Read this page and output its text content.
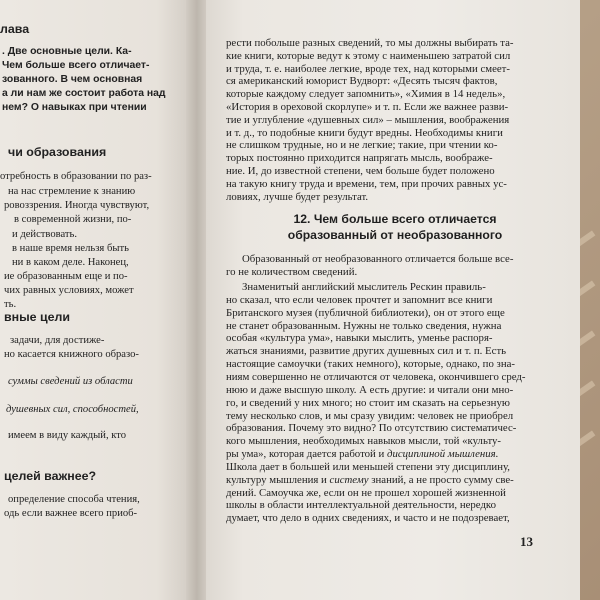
лава
. Две основные цели. Ка-
Чем больше всего отличает-
зованного. В чем основная
а ли нам же состоит работа над
нем? О навыках при чтении
чи образования
отребность в образовании по раз-
на нас стремление к знанию
ровоззрения. Иногда чувствуют,
в современной жизни, по-
и действовать.
в наше время нельзя быть
ни в каком деле. Наконец,
ие образованным еще и по-
чих равных условиях, может
ть.
вные цели
задачи, для достиже-
но касается книжного образо-
суммы сведений из области
душевных сил, способностей,
имеем в виду каждый, кто
целей важнее?
определение способа чтения,
одь если важнее всего приоб-
рести побольше разных сведений, то мы должны выбирать та-
кие книги, которые ведут к этому с наименьшею затратой сил
и труда, т. е. наиболее легкие, вроде тех, над которыми смеет-
ся американский юморист Вудворт: «Десять тысяч фактов,
которые каждому следует запомнить», «Химия в 14 недель»,
«История в ореховой скорлупе» и т. п. Если же важнее разви-
тие и углубление «душевных сил» – мышления, воображения
и т. д., то подобные книги будут вредны. Необходимы книги
не слишком трудные, но и не легкие; такие, при чтении ко-
торых постоянно приходится напрягать мысль, воображе-
ние. И, до известной степени, чем больше будет положено
на такую книгу труда и времени, тем, при прочих равных ус-
ловиях, лучше будет результат.
12. Чем больше всего отличается
образованный от необразованного
Образованный от необразованного отличается больше все-
го не количеством сведений.
Знаменитый английский мыслитель Рескин правиль-
но сказал, что если человек прочтет и запомнит все книги
Британского музея (публичной библиотеки), он от этого еще
не станет образованным. Нужны не только сведения, нужна
особая «культура ума», навыки мыслить, уменье распоря-
жаться знаниями, развитие других душевных сил и т. п. Есть
настоящие самоучки (таких немного), которые, однако, по зна-
ниям совершенно не отличаются от человека, окончившего сред-
нюю и даже высшую школу. А есть другие: и читали они мно-
го, и сведений у них много; но стоит им сказать на серьезную
тему несколько слов, и мы сразу увидим: человек не приобрел
образования. Почему это видно? По отсутствию систематичес-
кого мышления, необходимых навыков мысли, той «культу-
ры ума», которая дается работой и дисциплиной мышления.
Школа дает в большей или меньшей степени эту дисциплину,
культуру мышления и систему знаний, а не просто сумму све-
дений. Самоучка же, если он не прошел хорошей жизненной
школы в области интеллектуальной деятельности, нередко
думает, что дело в одних сведениях, и часто и не подозревает,
13
